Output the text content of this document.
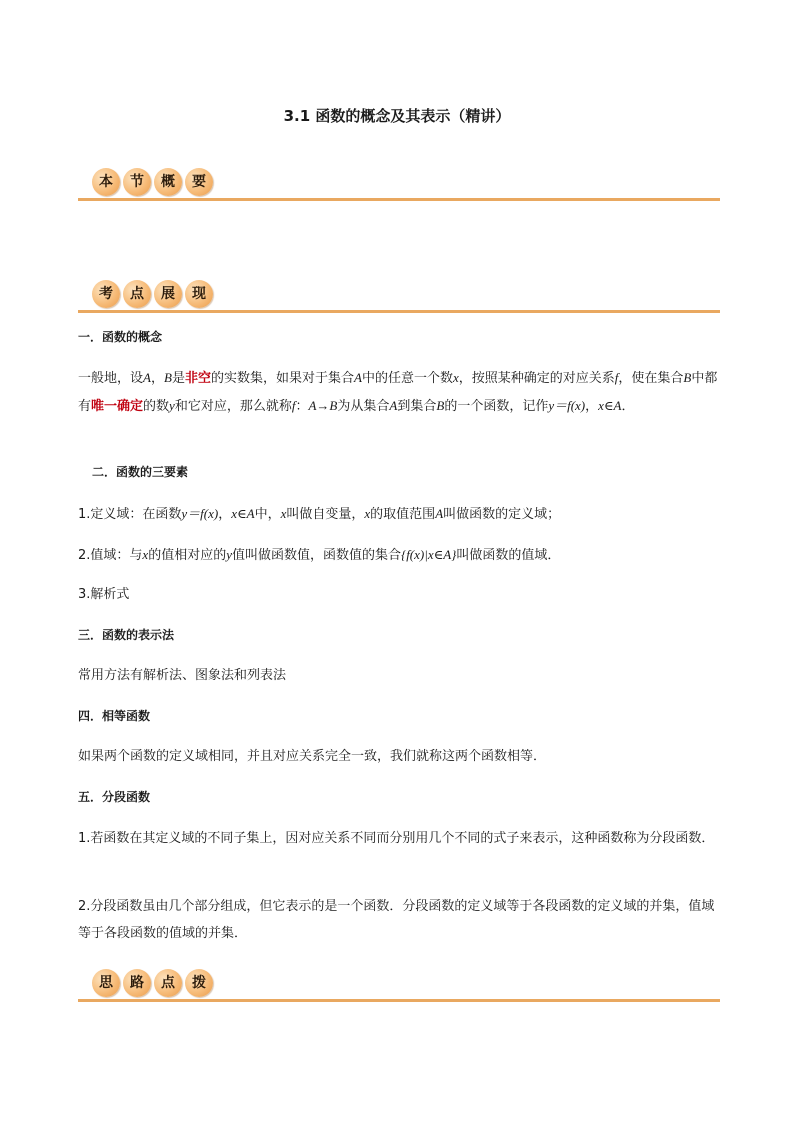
3.1 函数的概念及其表示（精讲）
本	节	概	要
考	点	展	现
一．函数的概念
一般地，设A，B是非空的实数集，如果对于集合A中的任意一个数x，按照某种确定的对应关系f，使在集合B中都有唯一确定的数y和它对应，那么就称f：A→B为从集合A到集合B的一个函数，记作y＝f(x)，x∈A．
二．函数的三要素
1.定义域：在函数y＝f(x)，x∈A中，x叫做自变量，x的取值范围A叫做函数的定义域；
2.值域：与x的值相对应的y值叫做函数值，函数值的集合{f(x)|x∈A}叫做函数的值域．
3.解析式
三．函数的表示法
常用方法有解析法、图象法和列表法
四．相等函数
如果两个函数的定义域相同，并且对应关系完全一致，我们就称这两个函数相等．
五．分段函数
1.若函数在其定义域的不同子集上，因对应关系不同而分别用几个不同的式子来表示，这种函数称为分段函数．
2.分段函数虽由几个部分组成，但它表示的是一个函数．分段函数的定义域等于各段函数的定义域的并集，值域等于各段函数的值域的并集．
思	路	点	拨
